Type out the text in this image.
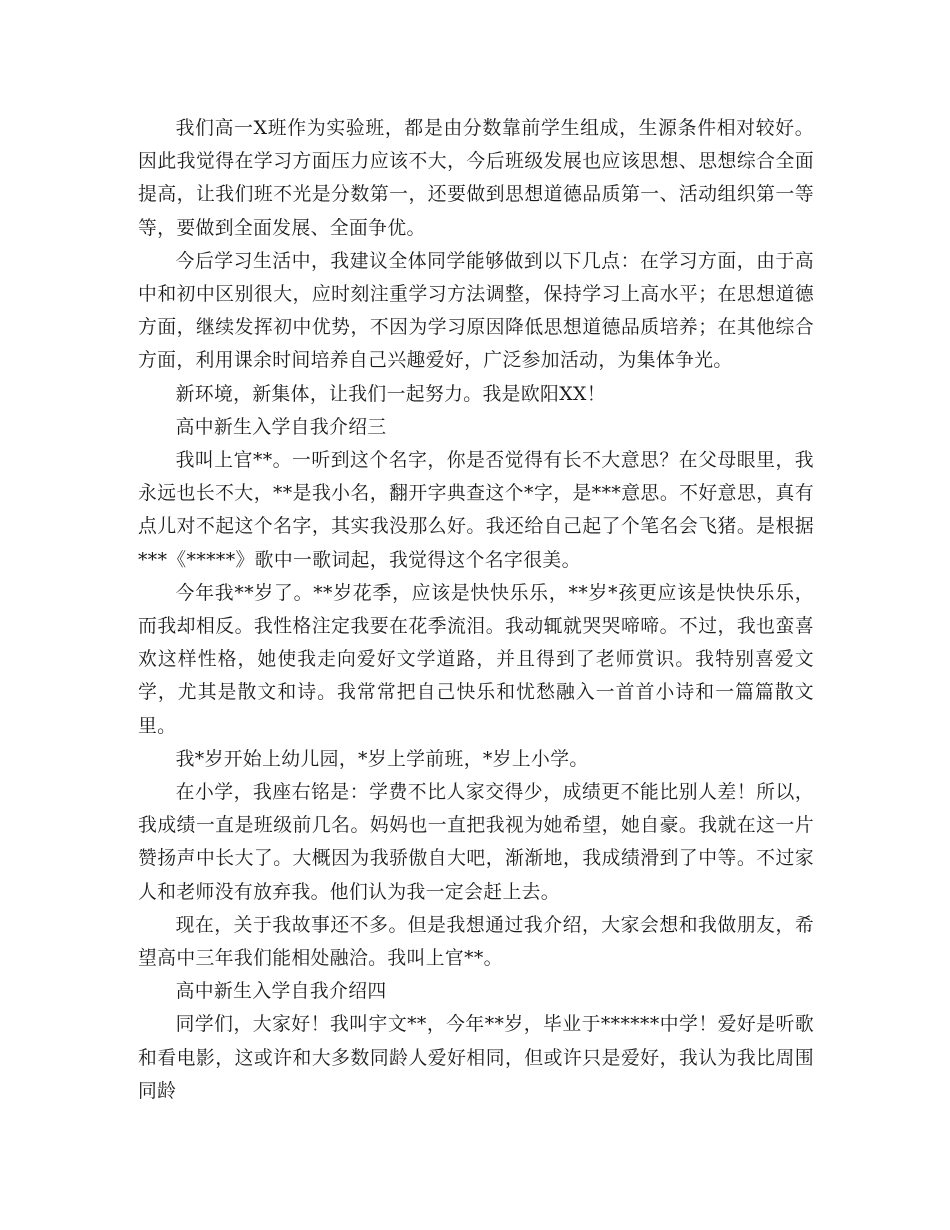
我们高一X班作为实验班，都是由分数靠前学生组成，生源条件相对较好。因此我觉得在学习方面压力应该不大，今后班级发展也应该思想、思想综合全面提高，让我们班不光是分数第一，还要做到思想道德品质第一、活动组织第一等等，要做到全面发展、全面争优。

今后学习生活中，我建议全体同学能够做到以下几点：在学习方面，由于高中和初中区别很大，应时刻注重学习方法调整，保持学习上高水平；在思想道德方面，继续发挥初中优势，不因为学习原因降低思想道德品质培养；在其他综合方面，利用课余时间培养自己兴趣爱好，广泛参加活动，为集体争光。

新环境，新集体，让我们一起努力。我是欧阳XX！

高中新生入学自我介绍三

我叫上官**。一听到这个名字，你是否觉得有长不大意思？在父母眼里，我永远也长不大，**是我小名，翻开字典查这个*字，是***意思。不好意思，真有点儿对不起这个名字，其实我没那么好。我还给自己起了个笔名会飞猪。是根据***《*****》歌中一歌词起，我觉得这个名字很美。

今年我**岁了。**岁花季，应该是快快乐乐，**岁*孩更应该是快快乐乐，而我却相反。我性格注定我要在花季流泪。我动辄就哭哭啼啼。不过，我也蛮喜欢这样性格，她使我走向爱好文学道路，并且得到了老师赏识。我特别喜爱文学，尤其是散文和诗。我常常把自己快乐和忧愁融入一首首小诗和一篇篇散文里。

我*岁开始上幼儿园，*岁上学前班，*岁上小学。

在小学，我座右铭是：学费不比人家交得少，成绩更不能比别人差！所以，我成绩一直是班级前几名。妈妈也一直把我视为她希望，她自豪。我就在这一片赞扬声中长大了。大概因为我骄傲自大吧，渐渐地，我成绩滑到了中等。不过家人和老师没有放弃我。他们认为我一定会赶上去。

现在，关于我故事还不多。但是我想通过我介绍，大家会想和我做朋友，希望高中三年我们能相处融洽。我叫上官**。

高中新生入学自我介绍四

同学们，大家好！我叫宇文**，今年**岁，毕业于******中学！爱好是听歌和看电影，这或许和大多数同龄人爱好相同，但或许只是爱好，我认为我比周围同龄
